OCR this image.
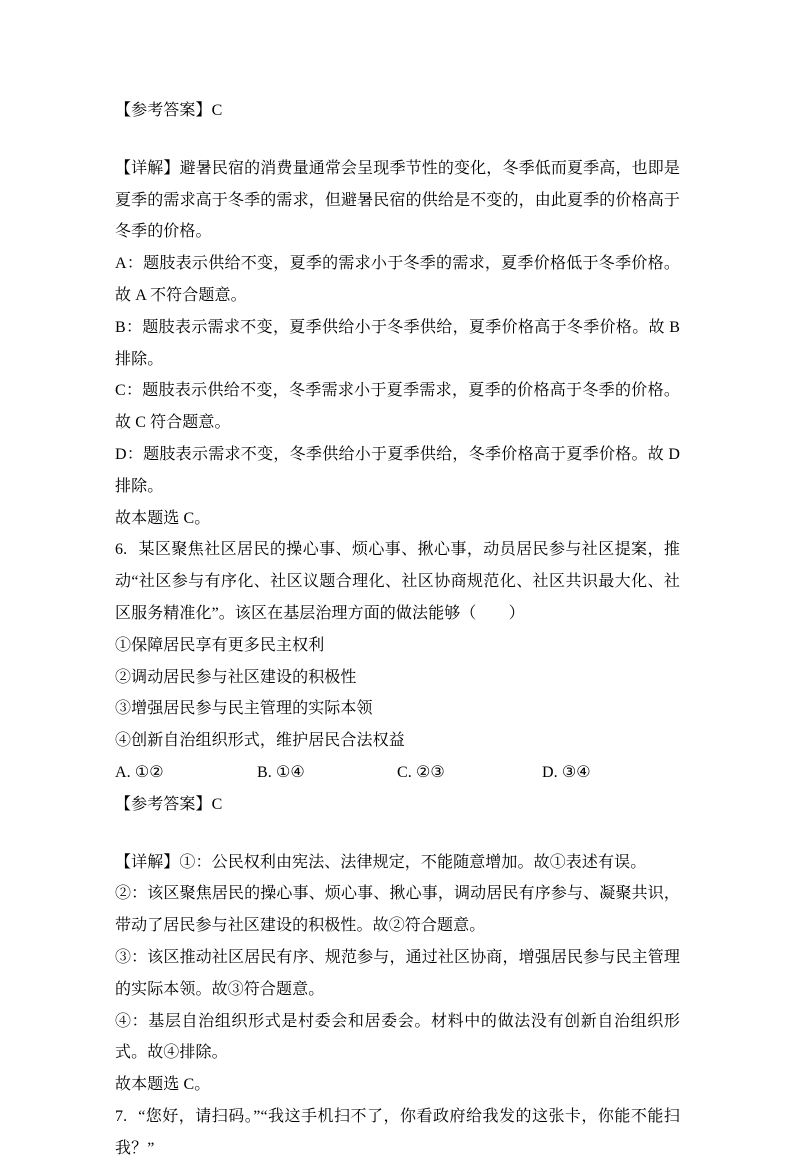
【参考答案】C

【详解】避暑民宿的消费量通常会呈现季节性的变化，冬季低而夏季高，也即是夏季的需求高于冬季的需求，但避暑民宿的供给是不变的，由此夏季的价格高于冬季的价格。

A：题肢表示供给不变，夏季的需求小于冬季的需求，夏季价格低于冬季价格。故 A 不符合题意。

B：题肢表示需求不变，夏季供给小于冬季供给，夏季价格高于冬季价格。故 B 排除。

C：题肢表示供给不变，冬季需求小于夏季需求，夏季的价格高于冬季的价格。故 C 符合题意。

D：题肢表示需求不变，冬季供给小于夏季供给，冬季价格高于夏季价格。故 D 排除。

故本题选 C。

6. 某区聚焦社区居民的操心事、烦心事、揪心事，动员居民参与社区提案，推动“社区参与有序化、社区议题合理化、社区协商规范化、社区共识最大化、社区服务精准化”。该区在基层治理方面的做法能够（　　）

①保障居民享有更多民主权利

②调动居民参与社区建设的积极性

③增强居民参与民主管理的实际本领

④创新自治组织形式，维护居民合法权益

A. ①②	B. ①④	C. ②③	D. ③④

【参考答案】C

【详解】①：公民权利由宪法、法律规定，不能随意增加。故①表述有误。

②：该区聚焦居民的操心事、烦心事、揪心事，调动居民有序参与、凝聚共识，带动了居民参与社区建设的积极性。故②符合题意。

③：该区推动社区居民有序、规范参与，通过社区协商，增强居民参与民主管理的实际本领。故③符合题意。

④：基层自治组织形式是村委会和居委会。材料中的做法没有创新自治组织形式。故④排除。

故本题选 C。

7. “您好，请扫码。”“我这手机扫不了，你看政府给我发的这张卡，你能不能扫我？”
